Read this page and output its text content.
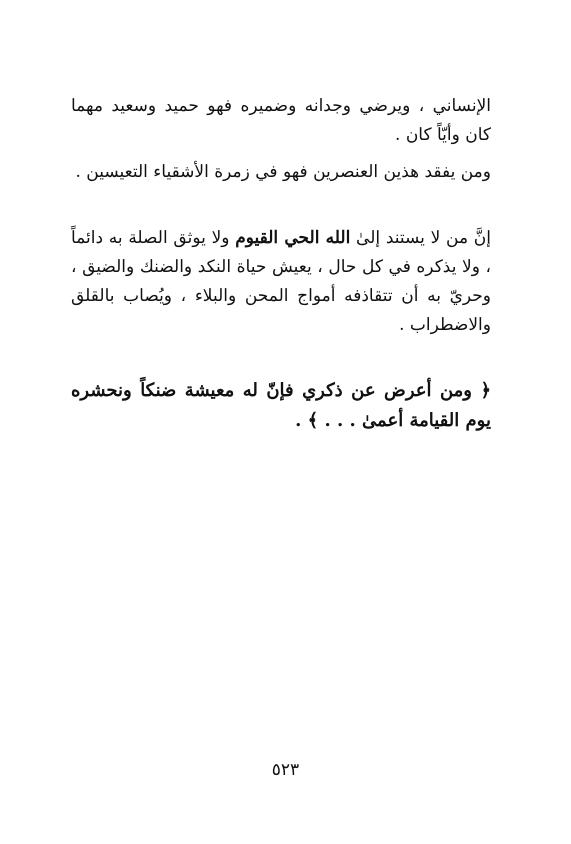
الإنساني ، ويرضي وجدانه وضميره فهو حميد وسعيد مهما كان وأيّاً كان .

ومن يفقد هذين العنصرين فهو في زمرة الأشقياء التعيسين .

إنَّ من لا يستند إلىٰ الله الحي القيوم ولا يوثق الصلة به دائماً ، ولا يذكره في كل حال ، يعيش حياة النكد والضنك والضيق ، وحريّ به أن تتقاذفه أمواج المحن والبلاء ، ويُصاب بالقلق والاضطراب .

﴿ ومن أعرض عن ذكري فإنّ له معيشة ضنكاً ونحشره يوم القيامة أعمىٰ . . . ﴾ .

٥٢٣
